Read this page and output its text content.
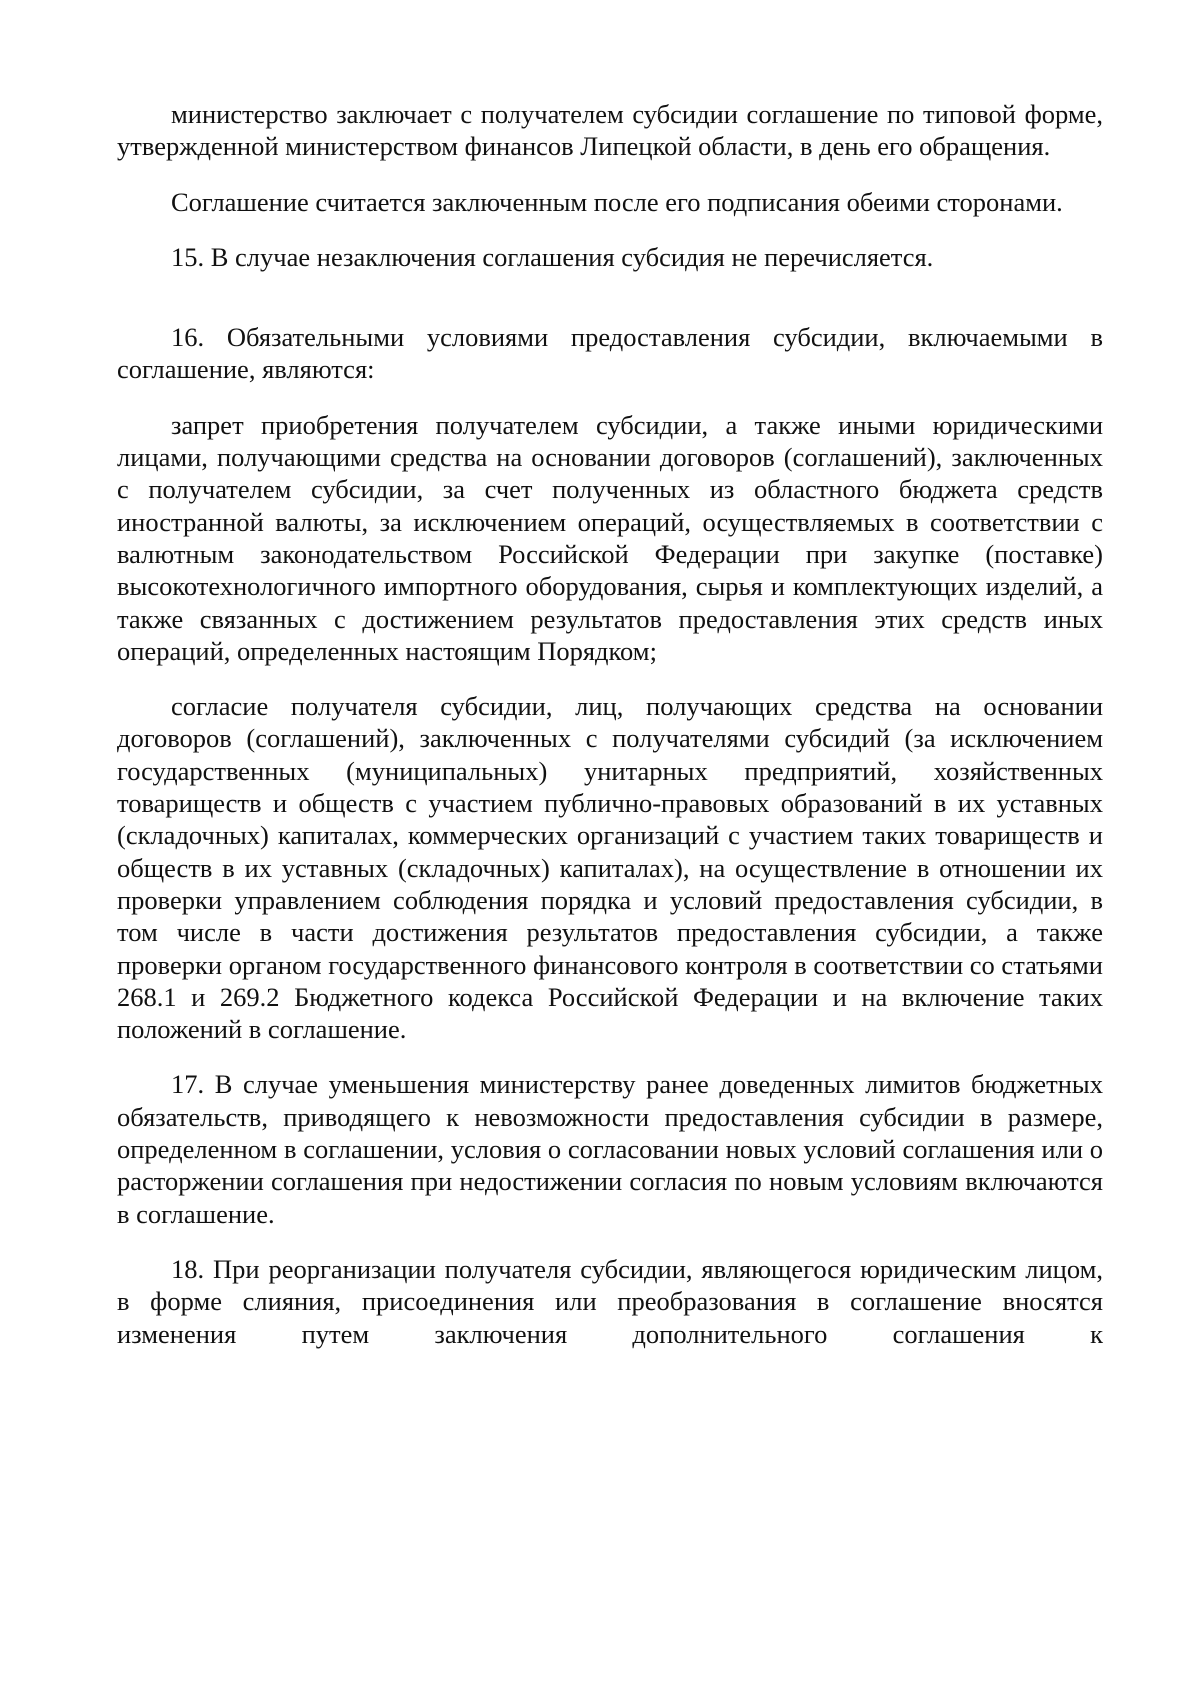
министерство заключает с получателем субсидии соглашение по типовой форме, утвержденной министерством финансов Липецкой области, в день его обращения.

Соглашение считается заключенным после его подписания обеими сторонами.

15. В случае незаключения соглашения субсидия не перечисляется.

16. Обязательными условиями предоставления субсидии, включаемыми в соглашение, являются:

запрет приобретения получателем субсидии, а также иными юридическими лицами, получающими средства на основании договоров (соглашений), заключенных с получателем субсидии, за счет полученных из областного бюджета средств иностранной валюты, за исключением операций, осуществляемых в соответствии с валютным законодательством Российской Федерации при закупке (поставке) высокотехнологичного импортного оборудования, сырья и комплектующих изделий, а также связанных с достижением результатов предоставления этих средств иных операций, определенных настоящим Порядком;

согласие получателя субсидии, лиц, получающих средства на основании договоров (соглашений), заключенных с получателями субсидий (за исключением государственных (муниципальных) унитарных предприятий, хозяйственных товариществ и обществ с участием публично-правовых образований в их уставных (складочных) капиталах, коммерческих организаций с участием таких товариществ и обществ в их уставных (складочных) капиталах), на осуществление в отношении их проверки управлением соблюдения порядка и условий предоставления субсидии, в том числе в части достижения результатов предоставления субсидии, а также проверки органом государственного финансового контроля в соответствии со статьями 268.1 и 269.2 Бюджетного кодекса Российской Федерации и на включение таких положений в соглашение.

17. В случае уменьшения министерству ранее доведенных лимитов бюджетных обязательств, приводящего к невозможности предоставления субсидии в размере, определенном в соглашении, условия о согласовании новых условий соглашения или о расторжении соглашения при недостижении согласия по новым условиям включаются в соглашение.

18. При реорганизации получателя субсидии, являющегося юридическим лицом, в форме слияния, присоединения или преобразования в соглашение вносятся изменения путем заключения дополнительного соглашения к
